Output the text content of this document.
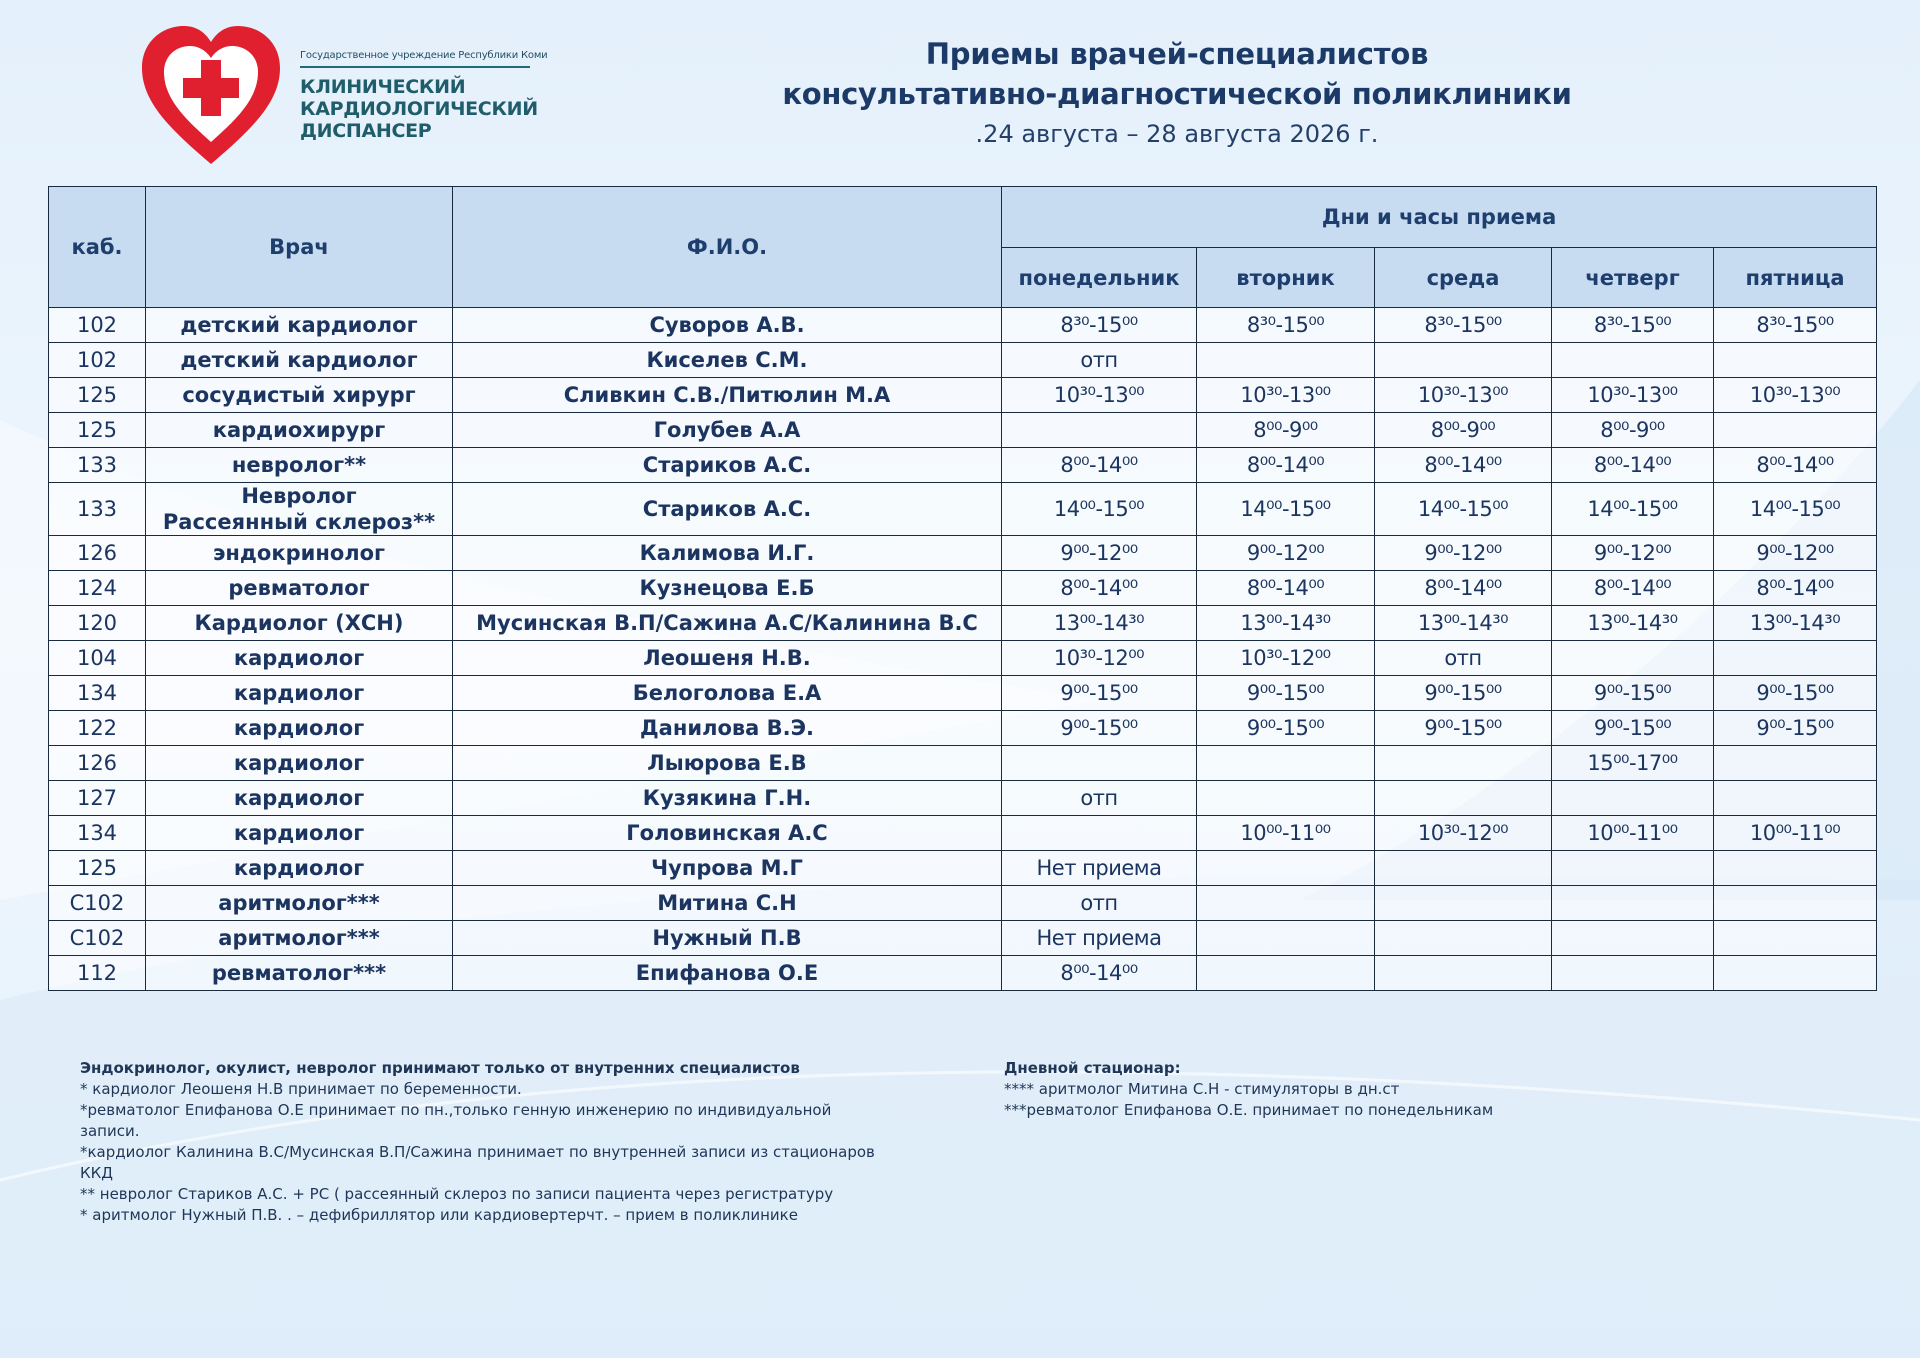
Государственное учреждение Республики Коми
КЛИНИЧЕСКИЙ
КАРДИОЛОГИЧЕСКИЙ
ДИСПАНСЕР
Приемы врачей-специалистов
консультативно-диагностической поликлиники
.24 августа – 28 августа 2026 г.
каб.	Врач	Ф.И.О.	Дни и часы приема				
			понедельник	вторник	среда	четверг	пятница
102	детский кардиолог	Суворов А.В.	8³⁰-15⁰⁰	8³⁰-15⁰⁰	8³⁰-15⁰⁰	8³⁰-15⁰⁰	8³⁰-15⁰⁰
102	детский кардиолог	Киселев С.М.	отп				
125	сосудистый хирург	Сливкин С.В./Питюлин М.А	10³⁰-13⁰⁰	10³⁰-13⁰⁰	10³⁰-13⁰⁰	10³⁰-13⁰⁰	10³⁰-13⁰⁰
125	кардиохирург	Голубев А.А		8⁰⁰-9⁰⁰	8⁰⁰-9⁰⁰	8⁰⁰-9⁰⁰	
133	невролог**	Стариков А.С.	8⁰⁰-14⁰⁰	8⁰⁰-14⁰⁰	8⁰⁰-14⁰⁰	8⁰⁰-14⁰⁰	8⁰⁰-14⁰⁰
133	Невролог
Рассеянный склероз**	Стариков А.С.	14⁰⁰-15⁰⁰	14⁰⁰-15⁰⁰	14⁰⁰-15⁰⁰	14⁰⁰-15⁰⁰	14⁰⁰-15⁰⁰
126	эндокринолог	Калимова И.Г.	9⁰⁰-12⁰⁰	9⁰⁰-12⁰⁰	9⁰⁰-12⁰⁰	9⁰⁰-12⁰⁰	9⁰⁰-12⁰⁰
124	ревматолог	Кузнецова Е.Б	8⁰⁰-14⁰⁰	8⁰⁰-14⁰⁰	8⁰⁰-14⁰⁰	8⁰⁰-14⁰⁰	8⁰⁰-14⁰⁰
120	Кардиолог (ХСН)	Мусинская В.П/Сажина А.С/Калинина В.С	13⁰⁰-14³⁰	13⁰⁰-14³⁰	13⁰⁰-14³⁰	13⁰⁰-14³⁰	13⁰⁰-14³⁰
104	кардиолог	Леошеня Н.В.	10³⁰-12⁰⁰	10³⁰-12⁰⁰	отп		
134	кардиолог	Белоголова Е.А	9⁰⁰-15⁰⁰	9⁰⁰-15⁰⁰	9⁰⁰-15⁰⁰	9⁰⁰-15⁰⁰	9⁰⁰-15⁰⁰
122	кардиолог	Данилова В.Э.	9⁰⁰-15⁰⁰	9⁰⁰-15⁰⁰	9⁰⁰-15⁰⁰	9⁰⁰-15⁰⁰	9⁰⁰-15⁰⁰
126	кардиолог	Лыюрова Е.В				15⁰⁰-17⁰⁰	
127	кардиолог	Кузякина Г.Н.	отп				
134	кардиолог	Головинская А.С		10⁰⁰-11⁰⁰	10³⁰-12⁰⁰	10⁰⁰-11⁰⁰	10⁰⁰-11⁰⁰
125	кардиолог	Чупрова М.Г	Нет приема				
С102	аритмолог***	Митина С.Н	отп				
С102	аритмолог***	Нужный П.В	Нет приема				
112	ревматолог***	Епифанова О.Е	8⁰⁰-14⁰⁰				
Эндокринолог, окулист, невролог принимают только от внутренних специалистов
* кардиолог Леошеня Н.В принимает по беременности.
*ревматолог Епифанова О.Е принимает по пн.,только генную инженерию по индивидуальной записи.
*кардиолог Калинина В.С/Мусинская В.П/Сажина принимает по внутренней записи из стационаров ККД
** невролог Стариков А.С. + РС ( рассеянный склероз по записи пациента через регистратуру
* аритмолог Нужный П.В. . – дефибриллятор или кардиовертерчт. – прием в поликлинике
Дневной стационар:
**** аритмолог Митина С.Н - стимуляторы в дн.ст
***ревматолог Епифанова О.Е. принимает по понедельникам
